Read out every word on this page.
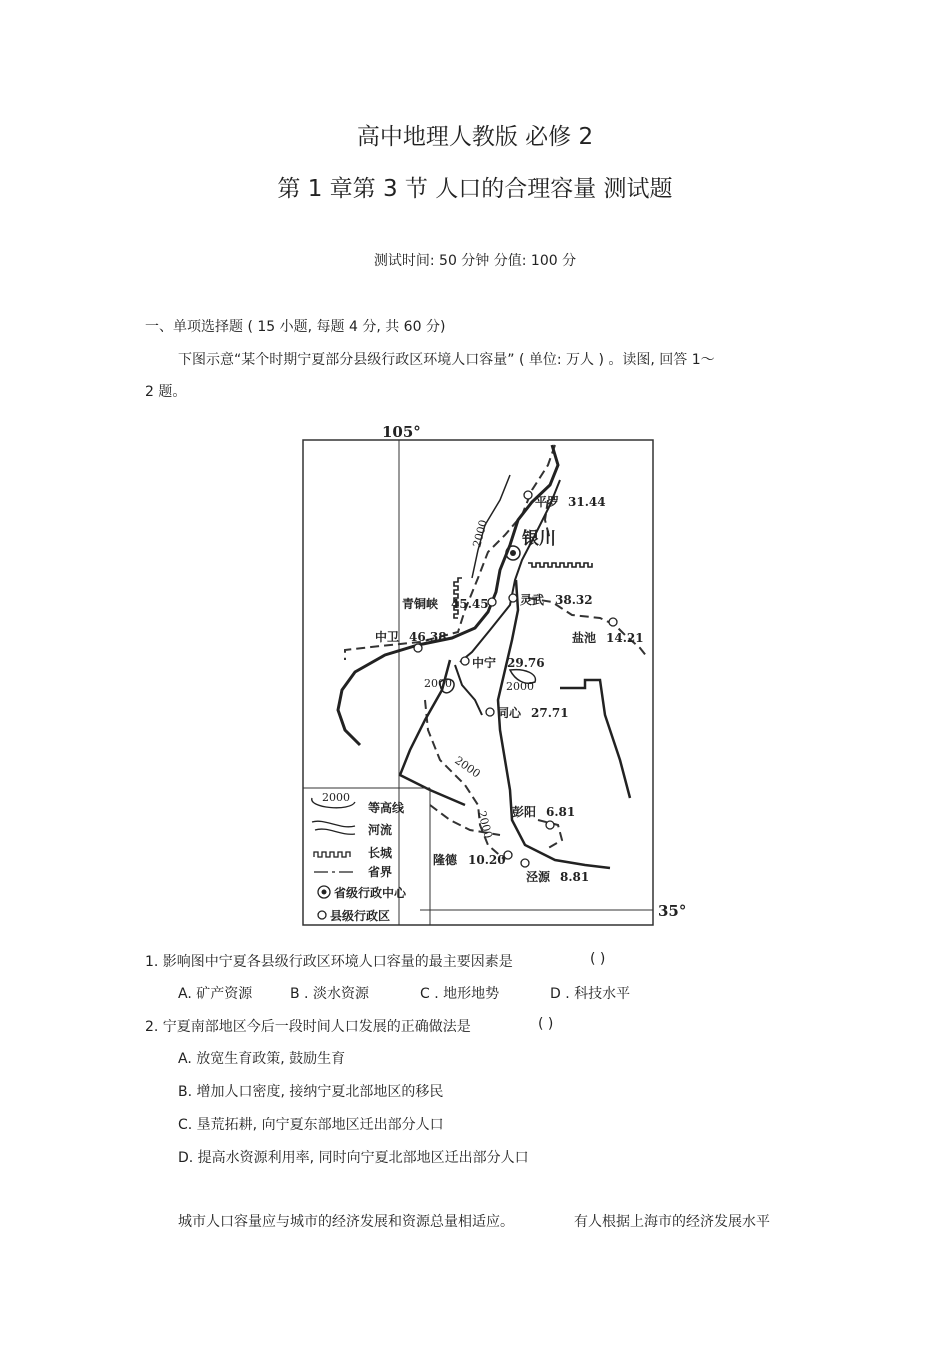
高中地理人教版 必修 2
第 1 章第 3 节 人口的合理容量 测试题
测试时间: 50 分钟 分值: 100 分
一、单项选择题 ( 15 小题, 每题 4 分, 共 60 分)
下图示意“某个时期宁夏部分县级行政区环境人口容量” ( 单位: 万人 ) 。读图, 回答 1～
2 题。
105°
35°
2000
2000	2000
2000
2000
银川
平罗 31.44
青铜峡 45.45	灵武 38.32
盐池 14.21
中卫 46.38
中宁 29.76
同心 27.71
彭阳 6.81
隆德 10.20
泾源 8.81
2000
等高线
河流
长城
省界
省级行政中心
县级行政区
1. 影响图中宁夏各县级行政区环境人口容量的最主要因素是	( )
A. 矿产资源	B . 淡水资源	C . 地形地势	D . 科技水平
2. 宁夏南部地区今后一段时间人口发展的正确做法是	( )
A. 放宽生育政策, 鼓励生育
B. 增加人口密度, 接纳宁夏北部地区的移民
C. 垦荒拓耕, 向宁夏东部地区迁出部分人口
D. 提高水资源利用率, 同时向宁夏北部地区迁出部分人口
城市人口容量应与城市的经济发展和资源总量相适应。	有人根据上海市的经济发展水平
